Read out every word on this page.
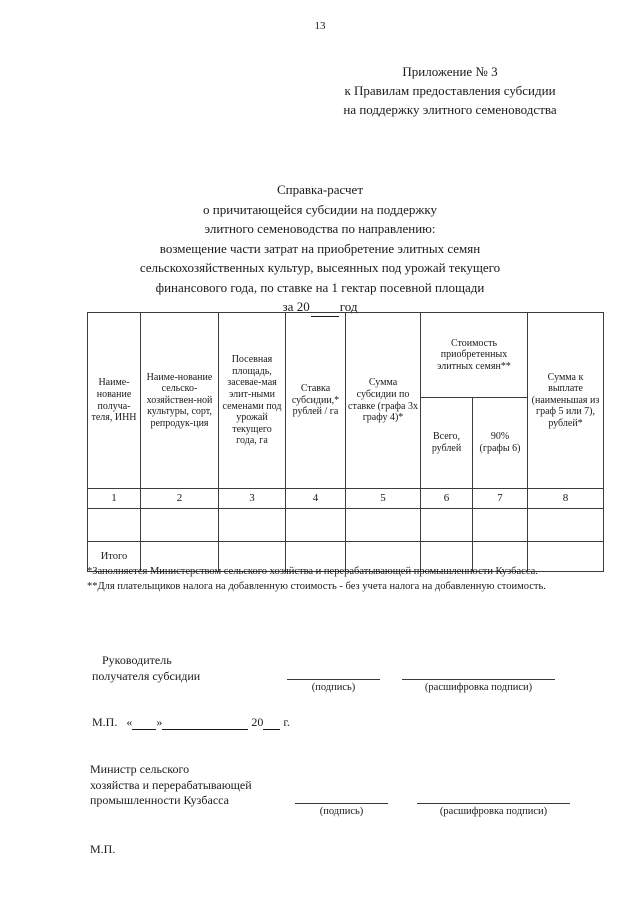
13
Приложение № 3
к Правилам предоставления субсидии
на поддержку элитного семеноводства
Справка-расчет
о причитающейся субсидии на поддержку
элитного семеноводства по направлению:
возмещение части затрат на приобретение элитных семян
сельскохозяйственных культур, высеянных под урожай текущего
финансового года, по ставке на 1 гектар посевной площади
за 20 год
Наиме-нование получа-теля, ИНН	Наиме-нование сельско-хозяйствен-ной культуры, сорт, репродук-ция	Посевная площадь, засевае-мая элит-ными семенами под урожай текущего года, га	Ставка субсидии,* рублей / га	Сумма субсидии по ставке (графа 3х графу 4)*	Стоимость приобретенных элитных семян**		Сумма к выплате (наименьшая из граф 5 или 7), рублей*
					Всего, рублей	90% (графы 6)	
1	2	3	4	5	6	7	8

Итого							

*Заполняется Министерством сельского хозяйства и перерабатывающей промышленности Кузбасса.

**Для плательщиков налога на добавленную стоимость - без учета налога на добавленную стоимость.

Руководитель
получателя субсидии
(подпись)	(расшифровка подписи)
М.П. « »	20 г.
Министр сельского
хозяйства и перерабатывающей
промышленности Кузбасса
(подпись)	(расшифровка подписи)
М.П.
